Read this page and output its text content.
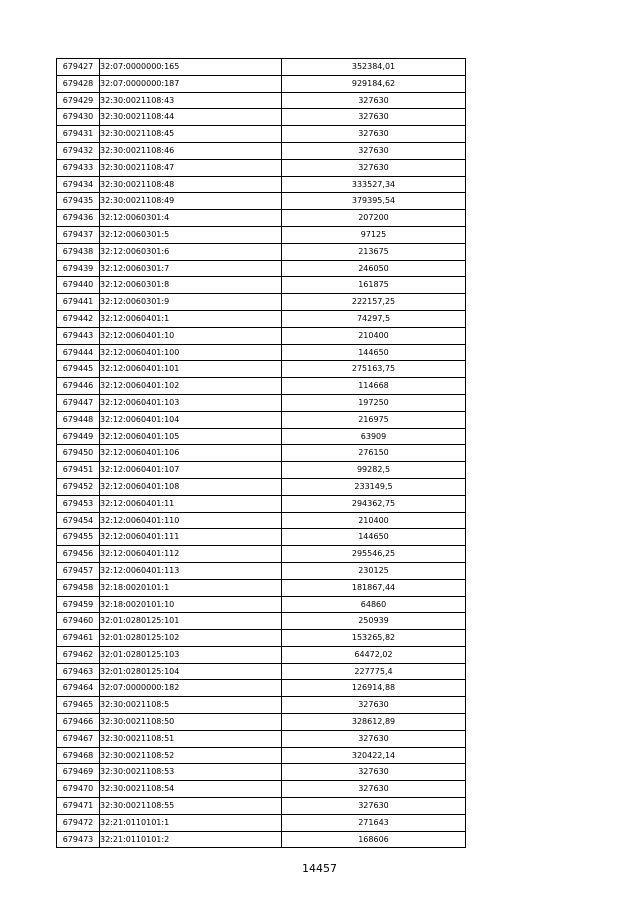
679427	32:07:0000000:165	352384,01
679428	32:07:0000000:187	929184,62
679429	32:30:0021108:43	327630
679430	32:30:0021108:44	327630
679431	32:30:0021108:45	327630
679432	32:30:0021108:46	327630
679433	32:30:0021108:47	327630
679434	32:30:0021108:48	333527,34
679435	32:30:0021108:49	379395,54
679436	32:12:0060301:4	207200
679437	32:12:0060301:5	97125
679438	32:12:0060301:6	213675
679439	32:12:0060301:7	246050
679440	32:12:0060301:8	161875
679441	32:12:0060301:9	222157,25
679442	32:12:0060401:1	74297,5
679443	32:12:0060401:10	210400
679444	32:12:0060401:100	144650
679445	32:12:0060401:101	275163,75
679446	32:12:0060401:102	114668
679447	32:12:0060401:103	197250
679448	32:12:0060401:104	216975
679449	32:12:0060401:105	63909
679450	32:12:0060401:106	276150
679451	32:12:0060401:107	99282,5
679452	32:12:0060401:108	233149,5
679453	32:12:0060401:11	294362,75
679454	32:12:0060401:110	210400
679455	32:12:0060401:111	144650
679456	32:12:0060401:112	295546,25
679457	32:12:0060401:113	230125
679458	32:18:0020101:1	181867,44
679459	32:18:0020101:10	64860
679460	32:01:0280125:101	250939
679461	32:01:0280125:102	153265,82
679462	32:01:0280125:103	64472,02
679463	32:01:0280125:104	227775,4
679464	32:07:0000000:182	126914,88
679465	32:30:0021108:5	327630
679466	32:30:0021108:50	328612,89
679467	32:30:0021108:51	327630
679468	32:30:0021108:52	320422,14
679469	32:30:0021108:53	327630
679470	32:30:0021108:54	327630
679471	32:30:0021108:55	327630
679472	32:21:0110101:1	271643
679473	32:21:0110101:2	168606
14457
